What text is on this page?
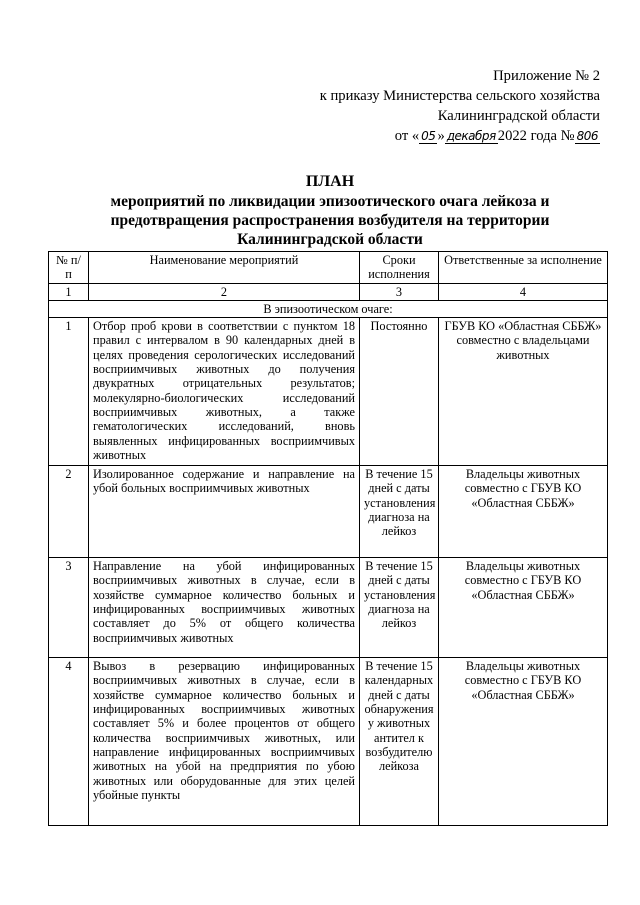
Приложение № 2
к приказу Министерства сельского хозяйства
Калининградской области
от « 05 » декабря 2022 года № 806
ПЛАН
мероприятий по ликвидации эпизоотического очага лейкоза и
предотвращения распространения возбудителя на территории
Калининградской области
№ п/п	Наименование мероприятий	Сроки исполнения	Ответственные за исполнение
1	2	3	4
В эпизоотическом очаге:			
1	Отбор проб крови в соответствии с пунктом 18 правил с интервалом в 90 календарных дней в целях проведения серологических исследований восприимчивых животных до получения двукратных отрицательных результатов; молекулярно-биологических исследований восприимчивых животных, а также гематологических исследований, вновь выявленных инфицированных восприимчивых животных	Постоянно	ГБУВ КО «Областная СББЖ» совместно с владельцами животных
2	Изолированное содержание и направление на убой больных восприимчивых животных	В течение 15 дней с даты установления диагноза на лейкоз	Владельцы животных совместно с ГБУВ КО «Областная СББЖ»
3	Направление на убой инфицированных восприимчивых животных в случае, если в хозяйстве суммарное количество больных и инфицированных восприимчивых животных составляет до 5% от общего количества восприимчивых животных	В течение 15 дней с даты установления диагноза на лейкоз	Владельцы животных совместно с ГБУВ КО «Областная СББЖ»
4	Вывоз в резервацию инфицированных восприимчивых животных в случае, если в хозяйстве суммарное количество больных и инфицированных восприимчивых животных составляет 5% и более процентов от общего количества восприимчивых животных, или направление инфицированных восприимчивых животных на убой на предприятия по убою животных или оборудованные для этих целей убойные пункты	В течение 15 календарных дней с даты обнаружения у животных антител к возбудителю лейкоза	Владельцы животных совместно с ГБУВ КО «Областная СББЖ»
